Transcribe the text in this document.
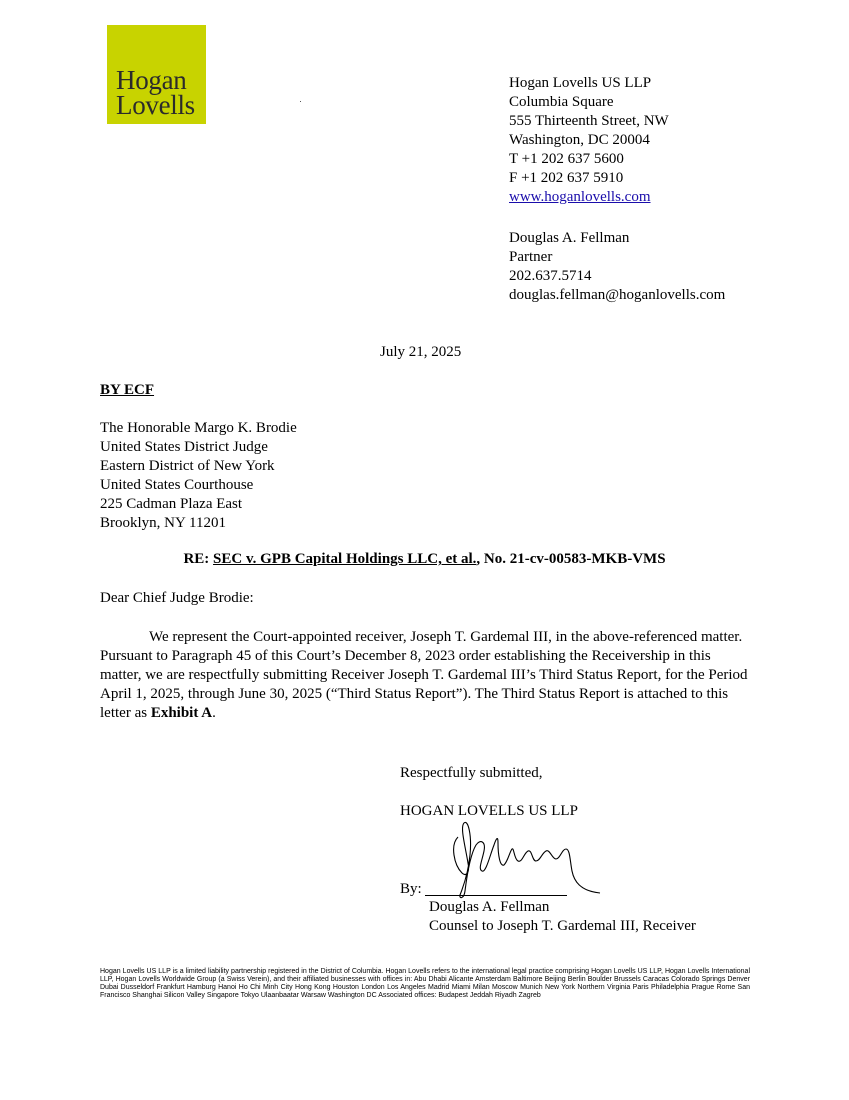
Hogan
Lovells
Hogan Lovells US LLP
Columbia Square
555 Thirteenth Street, NW
Washington, DC 20004
T +1 202 637 5600
F +1 202 637 5910
www.hoganlovells.com
Douglas A. Fellman
Partner
202.637.5714
douglas.fellman@hoganlovells.com
July 21, 2025
BY ECF
The Honorable Margo K. Brodie
United States District Judge
Eastern District of New York
United States Courthouse
225 Cadman Plaza East
Brooklyn, NY 11201
RE: SEC v. GPB Capital Holdings LLC, et al., No. 21-cv-00583-MKB-VMS
Dear Chief Judge Brodie:
We represent the Court-appointed receiver, Joseph T. Gardemal III, in the above-referenced matter. Pursuant to Paragraph 45 of this Court’s December 8, 2023 order establishing the Receivership in this matter, we are respectfully submitting Receiver Joseph T. Gardemal III’s Third Status Report, for the Period April 1, 2025, through June 30, 2025 (“Third Status Report”). The Third Status Report is attached to this letter as Exhibit A.
Respectfully submitted,
HOGAN LOVELLS US LLP
By:
Douglas A. Fellman
Counsel to Joseph T. Gardemal III, Receiver
Hogan Lovells US LLP is a limited liability partnership registered in the District of Columbia. Hogan Lovells refers to the international legal practice comprising Hogan Lovells US LLP, Hogan Lovells International LLP, Hogan Lovells Worldwide Group (a Swiss Verein), and their affiliated businesses with offices in: Abu Dhabi Alicante Amsterdam Baltimore Beijing Berlin Boulder Brussels Caracas Colorado Springs Denver Dubai Dusseldorf Frankfurt Hamburg Hanoi Ho Chi Minh City Hong Kong Houston London Los Angeles Madrid Miami Milan Moscow Munich New York Northern Virginia Paris Philadelphia Prague Rome San Francisco Shanghai Silicon Valley Singapore Tokyo Ulaanbaatar Warsaw Washington DC Associated offices: Budapest Jeddah Riyadh Zagreb
